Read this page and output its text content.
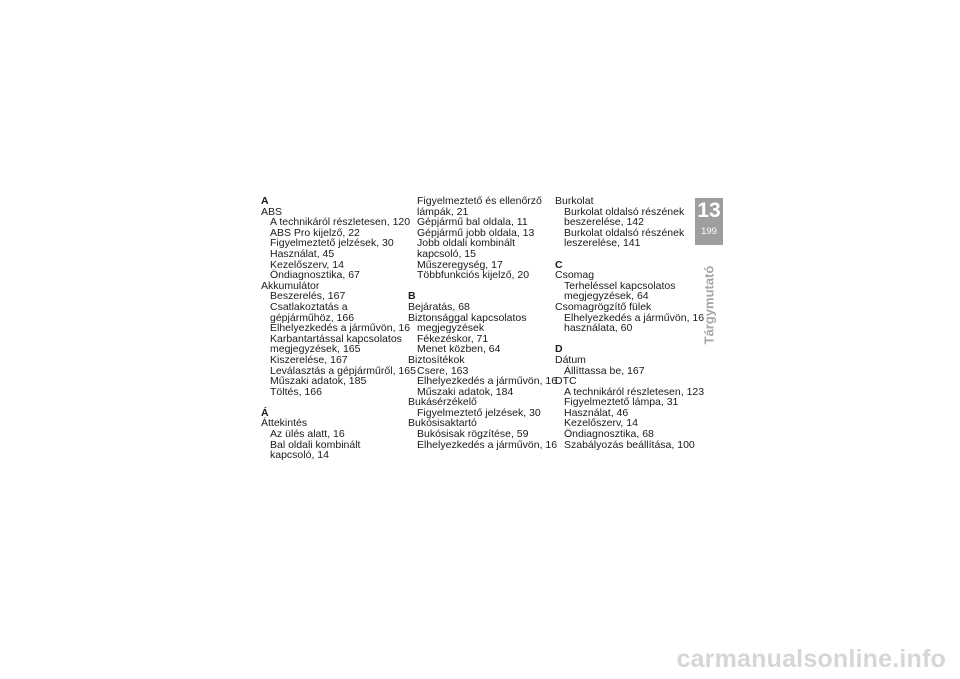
A
ABS
A technikáról részletesen, 120
ABS Pro kijelző, 22
Figyelmeztető jelzések, 30
Használat, 45
Kezelőszerv, 14
Öndiagnosztika, 67
Akkumulátor
Beszerelés, 167
Csatlakoztatás a
gépjárműhöz, 166
Elhelyezkedés a járművön, 16
Karbantartással kapcsolatos
megjegyzések, 165
Kiszerelése, 167
Leválasztás a gépjárműről, 165
Műszaki adatok, 185
Töltés, 166
Á
Áttekintés
Az ülés alatt, 16
Bal oldali kombinált
kapcsoló, 14
Figyelmeztető és ellenőrző
lámpák, 21
Gépjármű bal oldala, 11
Gépjármű jobb oldala, 13
Jobb oldali kombinált
kapcsoló, 15
Műszeregység, 17
Többfunkciós kijelző, 20
B
Bejáratás, 68
Biztonsággal kapcsolatos
megjegyzések
Fékezéskor, 71
Menet közben, 64
Biztosítékok
Csere, 163
Elhelyezkedés a járművön, 16
Műszaki adatok, 184
Bukásérzékelő
Figyelmeztető jelzések, 30
Bukósisaktartó
Bukósisak rögzítése, 59
Elhelyezkedés a járművön, 16
Burkolat
Burkolat oldalsó részének
beszerelése, 142
Burkolat oldalsó részének
leszerelése, 141
C
Csomag
Terheléssel kapcsolatos
megjegyzések, 64
Csomagrögzítő fülek
Elhelyezkedés a járművön, 16
használata, 60
D
Dátum
Állíttassa be, 167
DTC
A technikáról részletesen, 123
Figyelmeztető lámpa, 31
Használat, 46
Kezelőszerv, 14
Öndiagnosztika, 68
Szabályozás beállítása, 100
13
199
Tárgymutató
carmanualsonline.info
